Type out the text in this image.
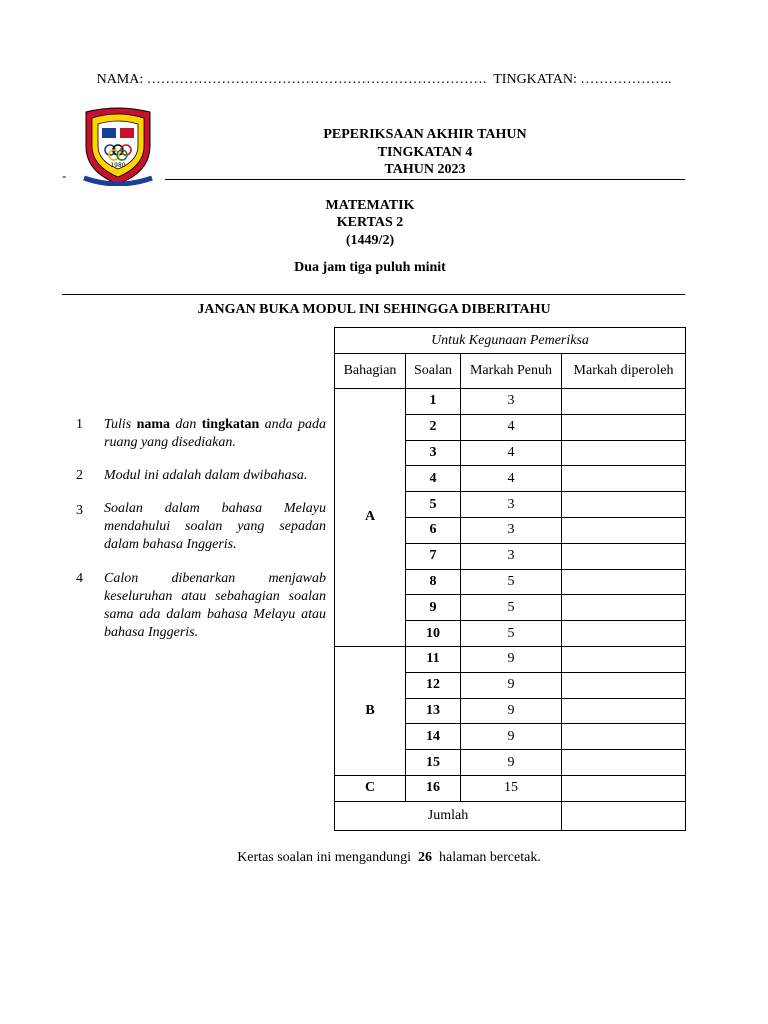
NAMA: ………………………………………………………………. TINGKATAN: ………………..
1980
-
PEPERIKSAAN AKHIR TAHUN
TINGKATAN 4
TAHUN 2023
MATEMATIK
KERTAS 2
(1449/2)
Dua jam tiga puluh minit
JANGAN BUKA MODUL INI SEHINGGA DIBERITAHU
1	Tulis nama dan tingkatan anda pada ruang yang disediakan.
2	Modul ini adalah dalam dwibahasa.
3	Soalan dalam bahasa Melayu mendahului soalan yang sepadan dalam bahasa Inggeris.
4	Calon dibenarkan menjawab keseluruhan atau sebahagian soalan sama ada dalam bahasa Melayu atau bahasa Inggeris.
Untuk Kegunaan Pemeriksa			
Bahagian	Soalan	Markah Penuh	Markah diperoleh
A	1	3	
	2	4	
	3	4	
	4	4	
	5	3	
	6	3	
	7	3	
	8	5	
	9	5	
	10	5	
B	11	9	
	12	9	
	13	9	
	14	9	
	15	9	
C	16	15	
Jumlah			
Kertas soalan ini mengandungi 26 halaman bercetak.
